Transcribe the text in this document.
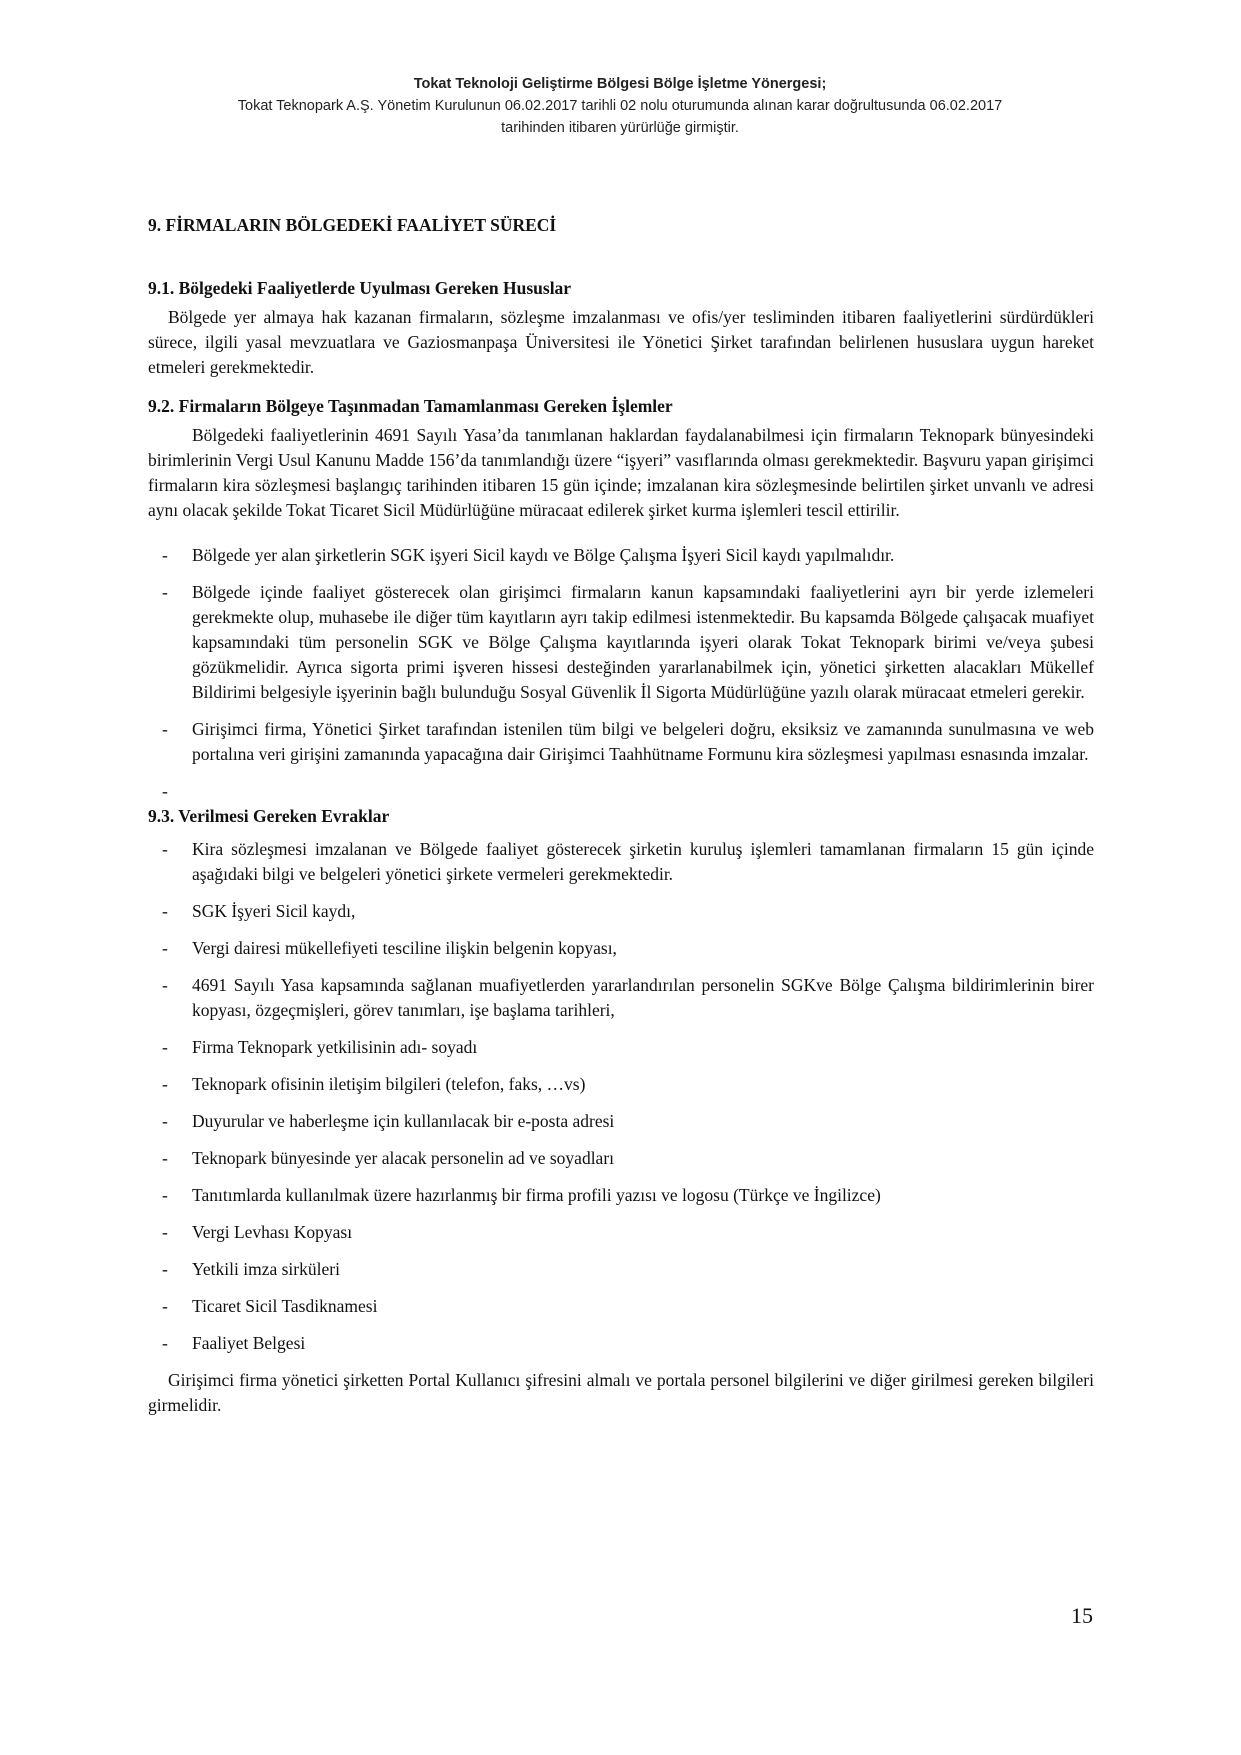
Tokat Teknoloji Geliştirme Bölgesi Bölge İşletme Yönergesi;
Tokat Teknopark A.Ş. Yönetim Kurulunun 06.02.2017 tarihli 02 nolu oturumunda alınan karar doğrultusunda 06.02.2017
tarihinden itibaren yürürlüğe girmiştir.
9. FİRMALARIN BÖLGEDEKİ FAALİYET SÜRECİ
9.1. Bölgedeki Faaliyetlerde Uyulması Gereken Hususlar

Bölgede yer almaya hak kazanan firmaların, sözleşme imzalanması ve ofis/yer tesliminden itibaren faaliyetlerini sürdürdükleri sürece, ilgili yasal mevzuatlara ve Gaziosmanpaşa Üniversitesi ile Yönetici Şirket tarafından belirlenen hususlara uygun hareket etmeleri gerekmektedir.

9.2. Firmaların Bölgeye Taşınmadan Tamamlanması Gereken İşlemler

Bölgedeki faaliyetlerinin 4691 Sayılı Yasa’da tanımlanan haklardan faydalanabilmesi için firmaların Teknopark bünyesindeki birimlerinin Vergi Usul Kanunu Madde 156’da tanımlandığı üzere “işyeri” vasıflarında olması gerekmektedir. Başvuru yapan girişimci firmaların kira sözleşmesi başlangıç tarihinden itibaren 15 gün içinde; imzalanan kira sözleşmesinde belirtilen şirket unvanlı ve adresi aynı olacak şekilde Tokat Ticaret Sicil Müdürlüğüne müracaat edilerek şirket kurma işlemleri tescil ettirilir.

- Bölgede yer alan şirketlerin SGK işyeri Sicil kaydı ve Bölge Çalışma İşyeri Sicil kaydı yapılmalıdır.
- Bölgede içinde faaliyet gösterecek olan girişimci firmaların kanun kapsamındaki faaliyetlerini ayrı bir yerde izlemeleri gerekmekte olup, muhasebe ile diğer tüm kayıtların ayrı takip edilmesi istenmektedir. Bu kapsamda Bölgede çalışacak muafiyet kapsamındaki tüm personelin SGK ve Bölge Çalışma kayıtlarında işyeri olarak Tokat Teknopark birimi ve/veya şubesi gözükmelidir. Ayrıca sigorta primi işveren hissesi desteğinden yararlanabilmek için, yönetici şirketten alacakları Mükellef Bildirimi belgesiyle işyerinin bağlı bulunduğu Sosyal Güvenlik İl Sigorta Müdürlüğüne yazılı olarak müracaat etmeleri gerekir.
- Girişimci firma, Yönetici Şirket tarafından istenilen tüm bilgi ve belgeleri doğru, eksiksiz ve zamanında sunulmasına ve web portalına veri girişini zamanında yapacağına dair Girişimci Taahhütname Formunu kira sözleşmesi yapılması esnasında imzalar.
-
9.3. Verilmesi Gereken Evraklar
- Kira sözleşmesi imzalanan ve Bölgede faaliyet gösterecek şirketin kuruluş işlemleri tamamlanan firmaların 15 gün içinde aşağıdaki bilgi ve belgeleri yönetici şirkete vermeleri gerekmektedir.
- SGK İşyeri Sicil kaydı,
- Vergi dairesi mükellefiyeti tesciline ilişkin belgenin kopyası,
- 4691 Sayılı Yasa kapsamında sağlanan muafiyetlerden yararlandırılan personelin SGKve Bölge Çalışma bildirimlerinin birer kopyası, özgeçmişleri, görev tanımları, işe başlama tarihleri,
- Firma Teknopark yetkilisinin adı- soyadı
- Teknopark ofisinin iletişim bilgileri (telefon, faks, …vs)
- Duyurular ve haberleşme için kullanılacak bir e-posta adresi
- Teknopark bünyesinde yer alacak personelin ad ve soyadları
- Tanıtımlarda kullanılmak üzere hazırlanmış bir firma profili yazısı ve logosu (Türkçe ve İngilizce)
- Vergi Levhası Kopyası
- Yetkili imza sirküleri
- Ticaret Sicil Tasdiknamesi
- Faaliyet Belgesi

Girişimci firma yönetici şirketten Portal Kullanıcı şifresini almalı ve portala personel bilgilerini ve diğer girilmesi gereken bilgileri girmelidir.

15
